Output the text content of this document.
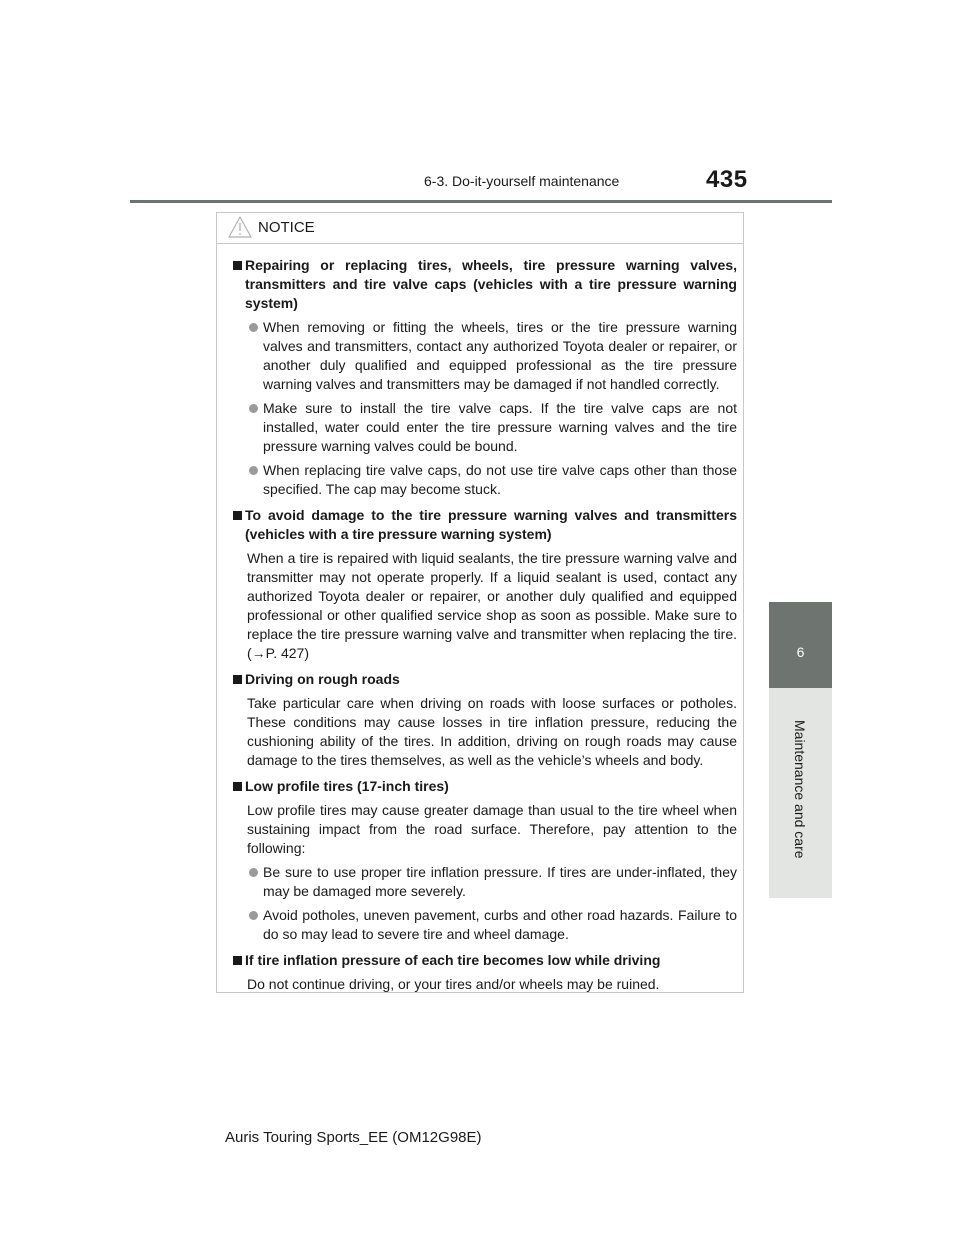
6-3. Do-it-yourself maintenance	435
6
Maintenance and care
NOTICE
Repairing or replacing tires, wheels, tire pressure warning valves, transmitters and tire valve caps (vehicles with a tire pressure warning system)
When removing or fitting the wheels, tires or the tire pressure warning valves and transmitters, contact any authorized Toyota dealer or repairer, or another duly qualified and equipped professional as the tire pressure warning valves and transmitters may be damaged if not handled correctly.
Make sure to install the tire valve caps. If the tire valve caps are not installed, water could enter the tire pressure warning valves and the tire pressure warning valves could be bound.
When replacing tire valve caps, do not use tire valve caps other than those specified. The cap may become stuck.
To avoid damage to the tire pressure warning valves and transmitters (vehicles with a tire pressure warning system)
When a tire is repaired with liquid sealants, the tire pressure warning valve and transmitter may not operate properly. If a liquid sealant is used, contact any authorized Toyota dealer or repairer, or another duly qualified and equipped professional or other qualified service shop as soon as possible. Make sure to replace the tire pressure warning valve and transmitter when replacing the tire. (→P. 427)
Driving on rough roads
Take particular care when driving on roads with loose surfaces or potholes. These conditions may cause losses in tire inflation pressure, reducing the cushioning ability of the tires. In addition, driving on rough roads may cause damage to the tires themselves, as well as the vehicle’s wheels and body.
Low profile tires (17-inch tires)
Low profile tires may cause greater damage than usual to the tire wheel when sustaining impact from the road surface. Therefore, pay attention to the following:
Be sure to use proper tire inflation pressure. If tires are under-inflated, they may be damaged more severely.
Avoid potholes, uneven pavement, curbs and other road hazards. Failure to do so may lead to severe tire and wheel damage.
If tire inflation pressure of each tire becomes low while driving
Do not continue driving, or your tires and/or wheels may be ruined.
Auris Touring Sports_EE (OM12G98E)
